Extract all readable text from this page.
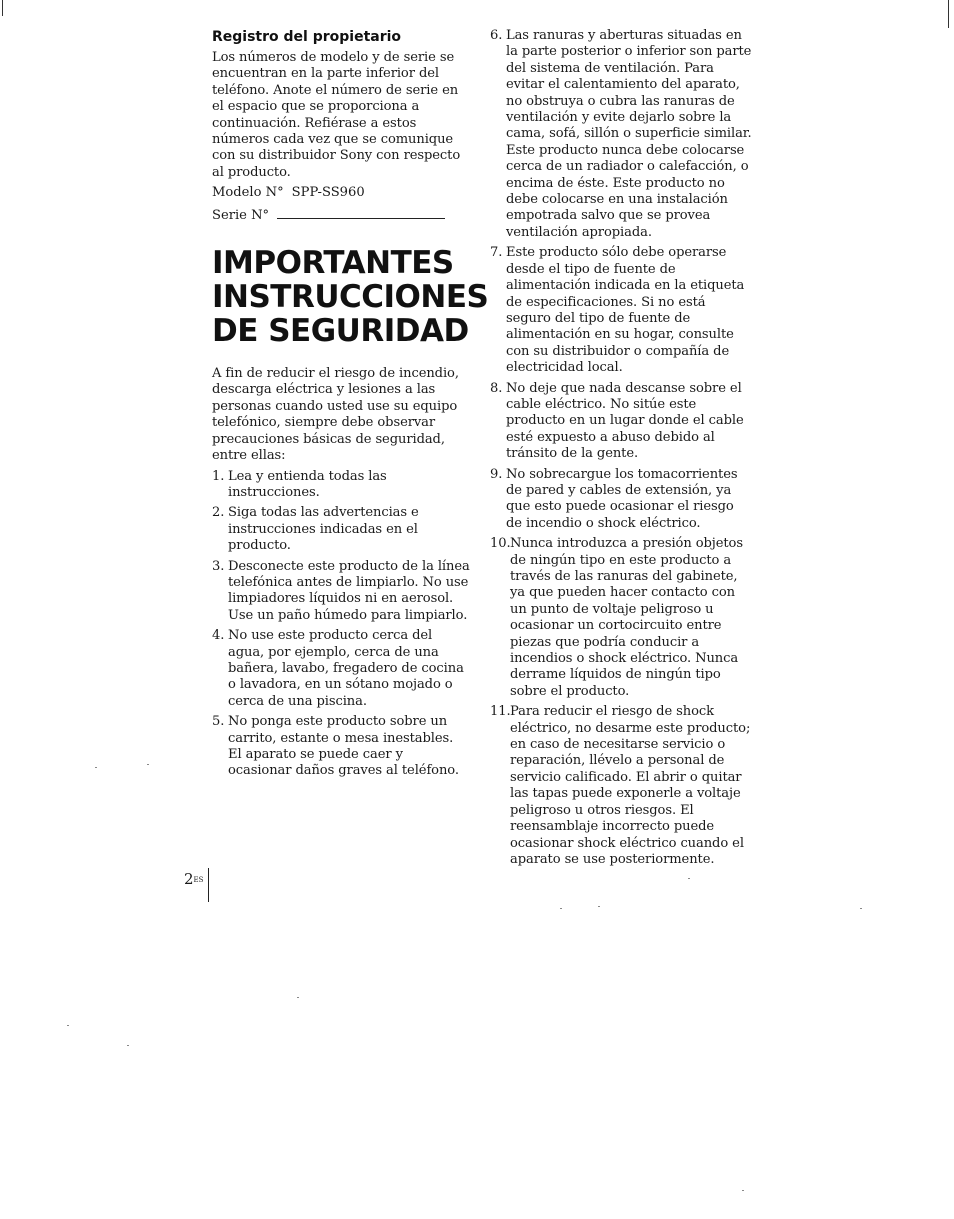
Registro del propietario

Los números de modelo y de serie se encuentran en la parte inferior del teléfono. Anote el número de serie en el espacio que se proporciona a continuación. Refiérase a estos números cada vez que se comunique con su distribuidor Sony con respecto al producto.

Modelo N° SPP-SS960
Serie N°
IMPORTANTES
INSTRUCCIONES
DE SEGURIDAD

A fin de reducir el riesgo de incendio, descarga eléctrica y lesiones a las personas cuando usted use su equipo telefónico, siempre debe observar precauciones básicas de seguridad, entre ellas:

1. Lea y entienda todas las instrucciones.
2. Siga todas las advertencias e instrucciones indicadas en el producto.
3. Desconecte este producto de la línea telefónica antes de limpiarlo. No use limpiadores líquidos ni en aerosol. Use un paño húmedo para limpiarlo.
4. No use este producto cerca del agua, por ejemplo, cerca de una bañera, lavabo, fregadero de cocina o lavadora, en un sótano mojado o cerca de una piscina.
5. No ponga este producto sobre un carrito, estante o mesa inestables. El aparato se puede caer y ocasionar daños graves al teléfono.
6. Las ranuras y aberturas situadas en la parte posterior o inferior son parte del sistema de ventilación. Para evitar el calentamiento del aparato, no obstruya o cubra las ranuras de ventilación y evite dejarlo sobre la cama, sofá, sillón o superficie similar. Este producto nunca debe colocarse cerca de un radiador o calefacción, o encima de éste. Este producto no debe colocarse en una instalación empotrada salvo que se provea ventilación apropiada.
7. Este producto sólo debe operarse desde el tipo de fuente de alimentación indicada en la etiqueta de especificaciones. Si no está seguro del tipo de fuente de alimentación en su hogar, consulte con su distribuidor o compañía de electricidad local.
8. No deje que nada descanse sobre el cable eléctrico. No sitúe este producto en un lugar donde el cable esté expuesto a abuso debido al tránsito de la gente.
9. No sobrecargue los tomacorrientes de pared y cables de extensión, ya que esto puede ocasionar el riesgo de incendio o shock eléctrico.
10. Nunca introduzca a presión objetos de ningún tipo en este producto a través de las ranuras del gabinete, ya que pueden hacer contacto con un punto de voltaje peligroso u ocasionar un cortocircuito entre piezas que podría conducir a incendios o shock eléctrico. Nunca derrame líquidos de ningún tipo sobre el producto.
11. Para reducir el riesgo de shock eléctrico, no desarme este producto; en caso de necesitarse servicio o reparación, llévelo a personal de servicio calificado. El abrir o quitar las tapas puede exponerle a voltaje peligroso u otros riesgos. El reensamblaje incorrecto puede ocasionar shock eléctrico cuando el aparato se use posteriormente.
$2^{ES}$
